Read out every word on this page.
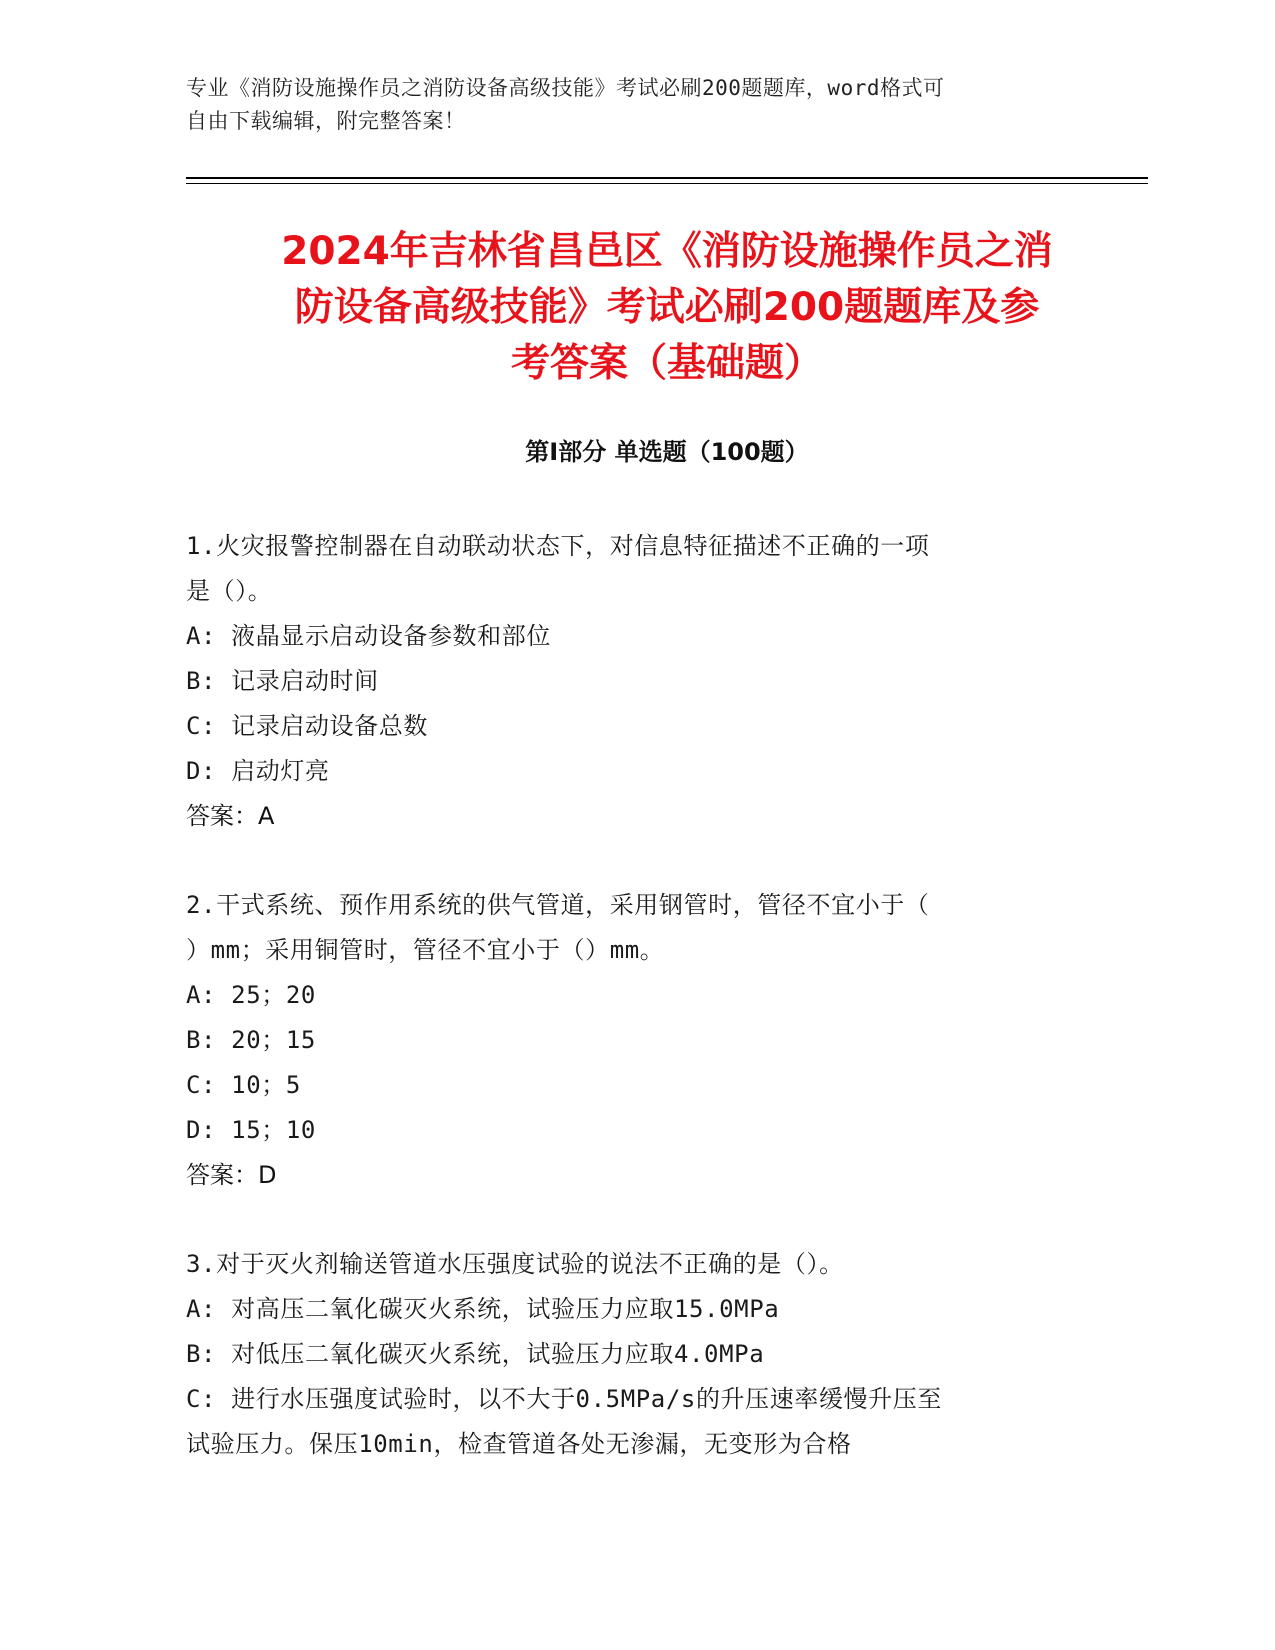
专业《消防设施操作员之消防设备高级技能》考试必刷200题题库，word格式可
自由下载编辑，附完整答案！
2024年吉林省昌邑区《消防设施操作员之消
防设备高级技能》考试必刷200题题库及参
考答案（基础题）
第I部分 单选题（100题）
1.火灾报警控制器在自动联动状态下，对信息特征描述不正确的一项
是（）。
A: 液晶显示启动设备参数和部位
B: 记录启动时间
C: 记录启动设备总数
D: 启动灯亮
答案：A
2.干式系统、预作用系统的供气管道，采用钢管时，管径不宜小于（
）mm；采用铜管时，管径不宜小于（）mm。
A: 25；20
B: 20；15
C: 10；5
D: 15；10
答案：D
3.对于灭火剂输送管道水压强度试验的说法不正确的是（）。
A: 对高压二氧化碳灭火系统，试验压力应取15.0MPa
B: 对低压二氧化碳灭火系统，试验压力应取4.0MPa
C: 进行水压强度试验时，以不大于0.5MPa/s的升压速率缓慢升压至
试验压力。保压10min，检查管道各处无渗漏，无变形为合格
